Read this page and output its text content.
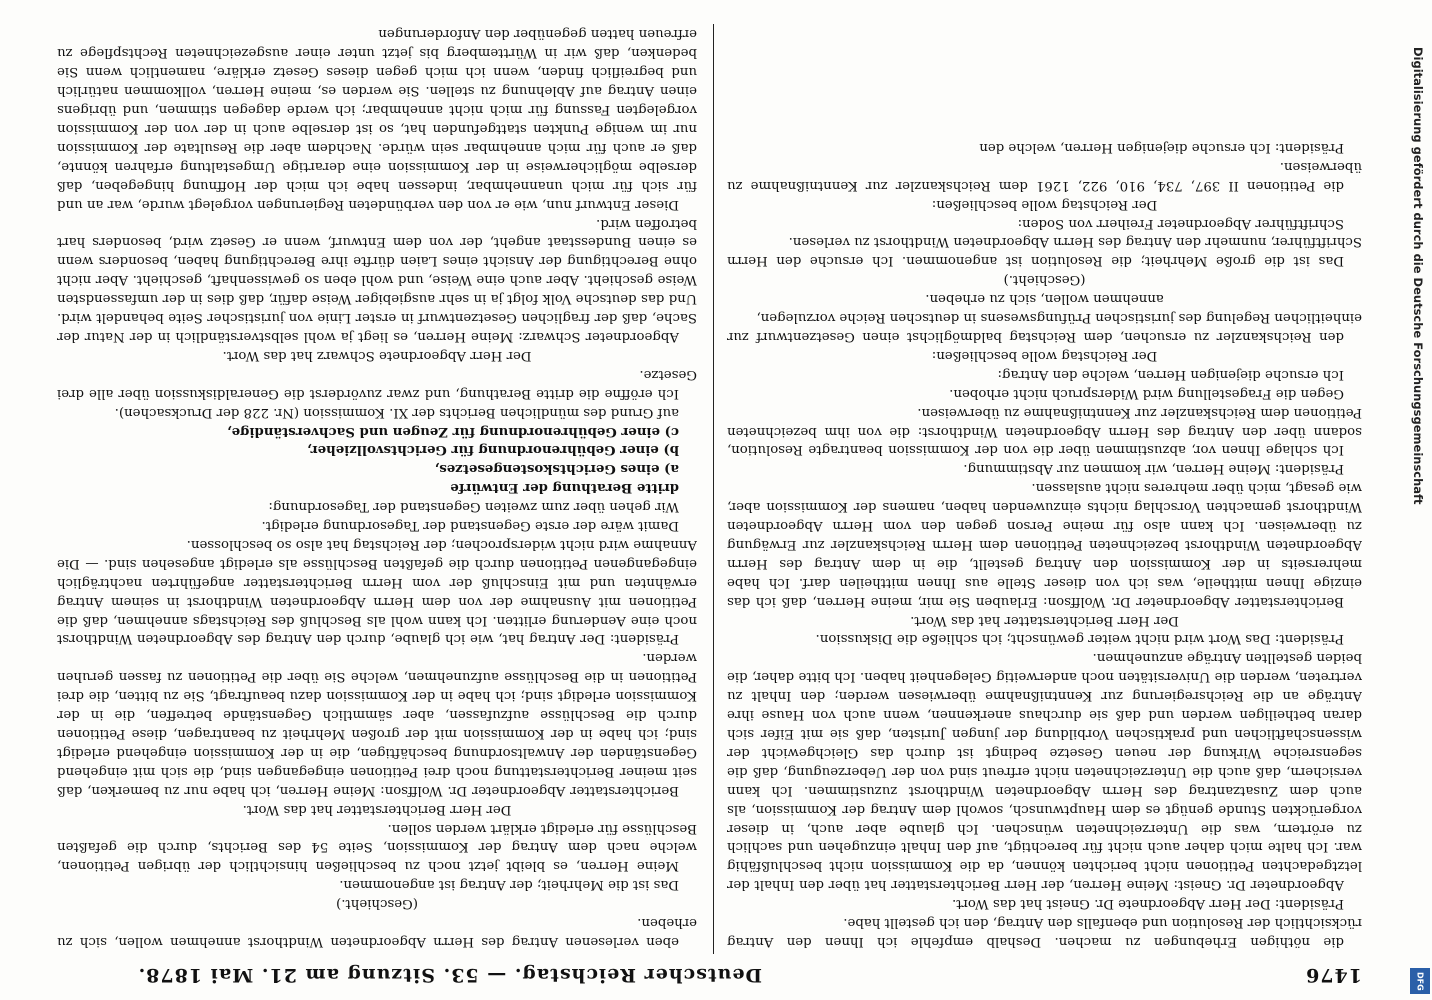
1476
Deutscher Reichstag. — 53. Sitzung am 21. Mai 1878.

die nöthigen Erhebungen zu machen. Deshalb empfehle ich Ihnen den Antrag rücksichtlich der Resolution und ebenfalls den Antrag, den ich gestellt habe.

Präsident: Der Herr Abgeordnete Dr. Gneist hat das Wort.

Abgeordneter Dr. Gneist: Meine Herren, der Herr Berichterstatter hat über den Inhalt der letztgedachten Petitionen nicht berichten können, da die Kommission nicht beschlußfähig war. Ich halte mich daher auch nicht für berechtigt, auf den Inhalt einzugehen und sachlich zu erörtern, was die Unterzeichneten wünschen. Ich glaube aber auch, in dieser vorgerückten Stunde genügt es dem Hauptwunsch, sowohl dem Antrag der Kommission, als auch dem Zusatzantrag des Herrn Abgeordneten Windthorst zuzustimmen. Ich kann versichern, daß auch die Unterzeichneten nicht erfreut sind von der Ueberzeugung, daß die segensreiche Wirkung der neuen Gesetze bedingt ist durch das Gleichgewicht der wissenschaftlichen und praktischen Vorbildung der jungen Juristen, daß sie mit Eifer sich daran betheiligen werden und daß sie durchaus anerkennen, wenn auch von Hause ihre Anträge an die Reichsregierung zur Kenntnißnahme überwiesen werden; den Inhalt zu vertreten, werden die Universitäten noch anderweitig Gelegenheit haben. Ich bitte daher, die beiden gestellten Anträge anzunehmen.

Präsident: Das Wort wird nicht weiter gewünscht; ich schließe die Diskussion.

Der Herr Berichterstatter hat das Wort.

Berichterstatter Abgeordneter Dr. Wolffson: Erlauben Sie mir, meine Herren, daß ich das einzige Ihnen mittheile, was ich von dieser Stelle aus Ihnen mittheilen darf. Ich habe mehrerseits in der Kommission den Antrag gestellt, die in dem Antrag des Herrn Abgeordneten Windthorst bezeichneten Petitionen dem Herrn Reichskanzler zur Erwägung zu überweisen. Ich kann also für meine Person gegen den vom Herrn Abgeordneten Windthorst gemachten Vorschlag nichts einzuwenden haben, namens der Kommission aber, wie gesagt, mich über mehreres nicht auslassen.

Präsident: Meine Herren, wir kommen zur Abstimmung.

Ich schlage Ihnen vor, abzustimmen über die von der Kommission beantragte Resolution, sodann über den Antrag des Herrn Abgeordneten Windthorst: die von ihm bezeichneten Petitionen dem Reichskanzler zur Kenntnißnahme zu überweisen.

Gegen die Fragestellung wird Widerspruch nicht erhoben.

Ich ersuche diejenigen Herren, welche den Antrag:

Der Reichstag wolle beschließen:

den Reichskanzler zu ersuchen, dem Reichstag baldmöglichst einen Gesetzentwurf zur einheitlichen Regelung des juristischen Prüfungswesens in deutschen Reiche vorzulegen,

annehmen wollen, sich zu erheben.

(Geschieht.)

Das ist die große Mehrheit; die Resolution ist angenommen. Ich ersuche den Herrn Schriftführer, nunmehr den Antrag des Herrn Abgeordneten Windthorst zu verlesen.

Schriftführer Abgeordneter Freiherr von Soden:

Der Reichstag wolle beschließen:

die Petitionen II 397, 734, 910, 922, 1261 dem Reichskanzler zur Kenntnißnahme zu überweisen.

Präsident: Ich ersuche diejenigen Herren, welche den

eben verlesenen Antrag des Herrn Abgeordneten Windthorst annehmen wollen, sich zu erheben.

(Geschieht.)

Das ist die Mehrheit; der Antrag ist angenommen.

Meine Herren, es bleibt jetzt noch zu beschließen hinsichtlich der übrigen Petitionen, welche nach dem Antrag der Kommission, Seite 54 des Berichts, durch die gefaßten Beschlüsse für erledigt erklärt werden sollen.

Der Herr Berichterstatter hat das Wort.

Berichterstatter Abgeordneter Dr. Wolffson: Meine Herren, ich habe nur zu bemerken, daß seit meiner Berichterstattung noch drei Petitionen eingegangen sind, die sich mit eingehend Gegenständen der Anwaltsordnung beschäftigen, die in der Kommission eingehend erledigt sind; ich habe in der Kommission mit der großen Mehrheit zu beantragen, diese Petitionen durch die Beschlüsse aufzufassen, aber sämmtlich Gegenstände betreffen, die in der Kommission erledigt sind; ich habe in der Kommission dazu beauftragt, Sie zu bitten, die drei Petitionen in die Beschlüsse aufzunehmen, welche Sie über die Petitionen zu fassen geruhen werden.

Präsident: Der Antrag hat, wie ich glaube, durch den Antrag des Abgeordneten Windthorst noch eine Aenderung erlitten. Ich kann wohl als Beschluß des Reichstags annehmen, daß die Petitionen mit Ausnahme der von dem Herrn Abgeordneten Windthorst in seinem Antrag erwähnten und mit Einschluß der vom Herrn Berichterstatter angeführten nachträglich eingegangenen Petitionen durch die gefaßten Beschlüsse als erledigt angesehen sind. — Die Annahme wird nicht widersprochen; der Reichstag hat also so beschlossen.

Damit wäre der erste Gegenstand der Tagesordnung erledigt.

Wir gehen über zum zweiten Gegenstand der Tagesordnung:

dritte Berathung der Entwürfe

a) eines Gerichtskostengesetzes,

b) einer Gebührenordnung für Gerichtsvollzieher,

c) einer Gebührenordnung für Zeugen und Sachverständige,

auf Grund des mündlichen Berichts der XI. Kommission (Nr. 228 der Drucksachen).

Ich eröffne die dritte Berathung, und zwar zuvörderst die Generaldiskussion über alle drei Gesetze.

Der Herr Abgeordnete Schwarz hat das Wort.

Abgeordneter Schwarz: Meine Herren, es liegt ja wohl selbstverständlich in der Natur der Sache, daß der fraglichen Gesetzentwurf in erster Linie von juristischer Seite behandelt wird. Und das deutsche Volk folgt ja in sehr ausgiebiger Weise dafür, daß dies in der umfassendsten Weise geschieht. Aber auch eine Weise, und wohl eben so gewissenhaft, geschieht. Aber nicht ohne Berechtigung der Ansicht eines Laien dürfte ihre Berechtigung haben, besonders wenn es einen Bundesstaat angeht, der von dem Entwurf, wenn er Gesetz wird, besonders hart betroffen wird.

Dieser Entwurf nun, wie er von den verbündeten Regierungen vorgelegt wurde, war an und für sich für mich unannehmbar, indessen habe ich mich der Hoffnung hingegeben, daß derselbe möglicherweise in der Kommission eine derartige Umgestaltung erfahren könnte, daß er auch für mich annehmbar sein würde. Nachdem aber die Resultate der Kommission nur im wenige Punkten stattgefunden hat, so ist derselbe auch in der von der Kommission vorgelegten Fassung für mich nicht annehmbar; ich werde dagegen stimmen, und übrigens einen Antrag auf Ablehnung zu stellen. Sie werden es, meine Herren, vollkommen natürlich und begreiflich finden, wenn ich mich gegen dieses Gesetz erkläre, namentlich wenn Sie bedenken, daß wir in Württemberg bis jetzt unter einer ausgezeichneten Rechtspflege zu erfreuen hatten gegenüber den Anforderungen

Digitalisierung gefördert durch die Deutsche Forschungsgemeinschaft
DFG
